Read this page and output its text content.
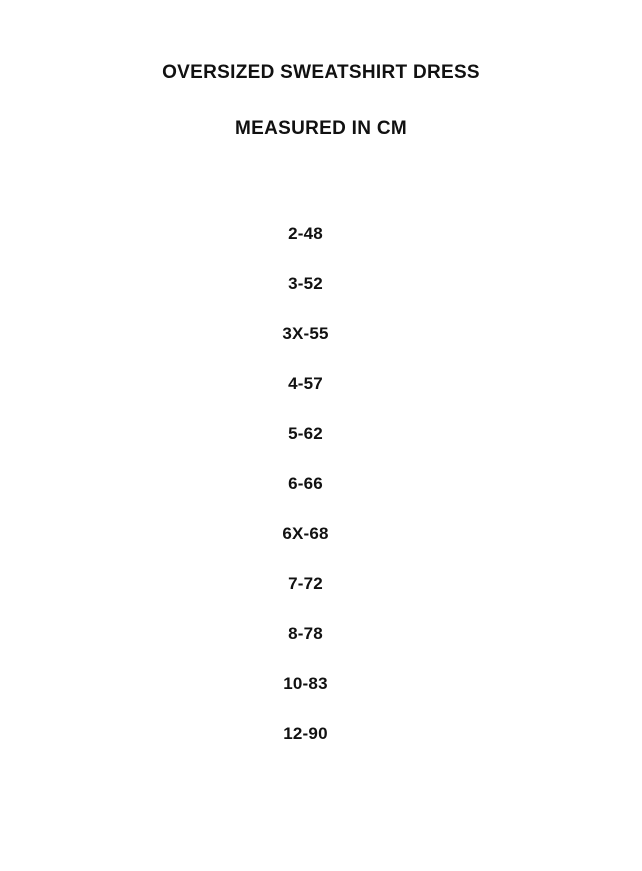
OVERSIZED SWEATSHIRT DRESS
MEASURED IN CM
2-48
3-52
3X-55
4-57
5-62
6-66
6X-68
7-72
8-78
10-83
12-90
